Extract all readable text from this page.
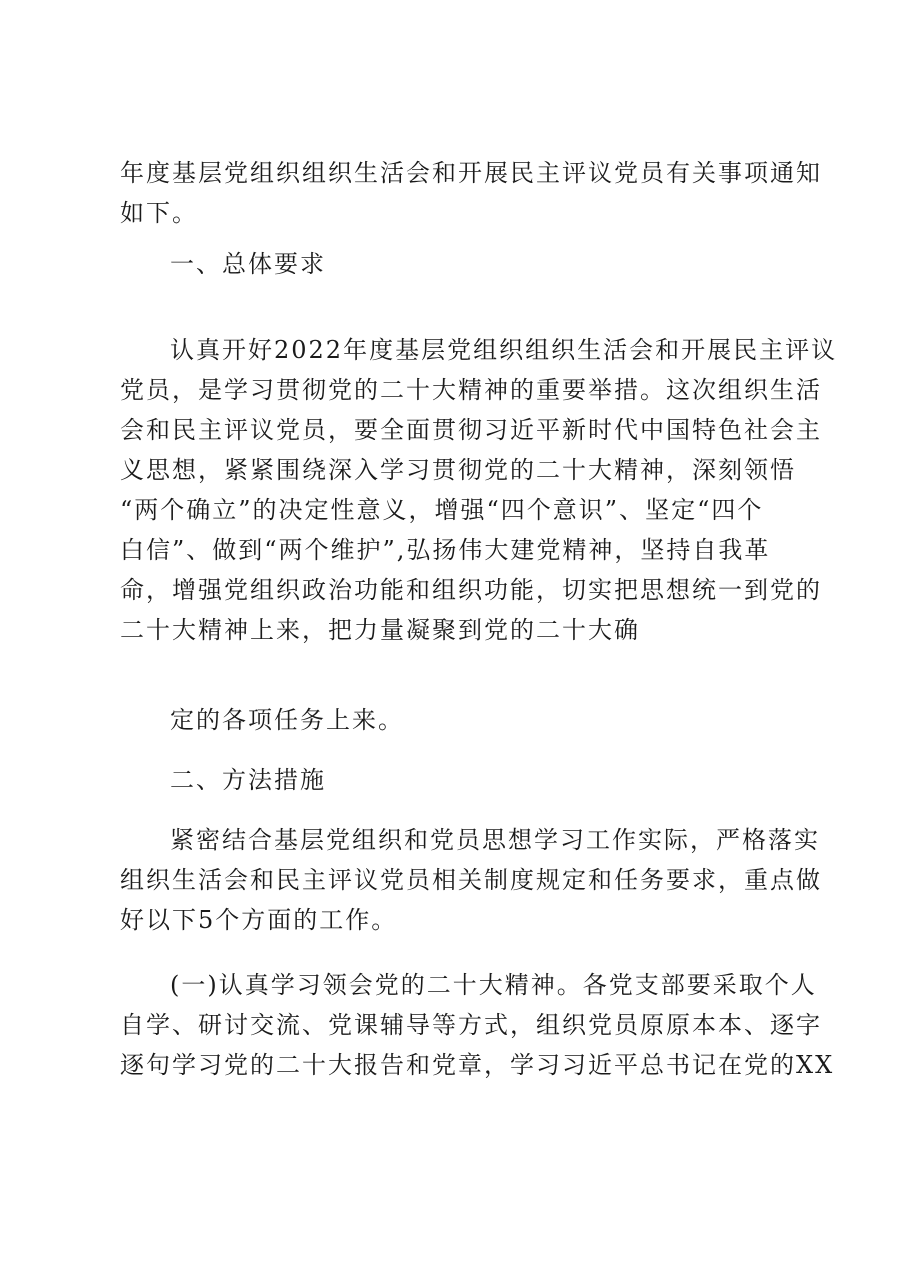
年度基层党组织组织生活会和开展民主评议党员有关事项通知
如下。
一、总体要求
认真开好2022年度基层党组织组织生活会和开展民主评议
党员，是学习贯彻党的二十大精神的重要举措。这次组织生活
会和民主评议党员，要全面贯彻习近平新时代中国特色社会主
义思想，紧紧围绕深入学习贯彻党的二十大精神，深刻领悟
“两个确立”的决定性意义，增强“四个意识”、坚定“四个
白信”、做到“两个维护”,弘扬伟大建党精神，坚持自我革
命，增强党组织政治功能和组织功能，切实把思想统一到党的
二十大精神上来，把力量凝聚到党的二十大确
定的各项任务上来。
二、方法措施
紧密结合基层党组织和党员思想学习工作实际，严格落实
组织生活会和民主评议党员相关制度规定和任务要求，重点做
好以下5个方面的工作。
(一)认真学习领会党的二十大精神。各党支部要采取个人
自学、研讨交流、党课辅导等方式，组织党员原原本本、逐字
逐句学习党的二十大报告和党章，学习习近平总书记在党的XX
